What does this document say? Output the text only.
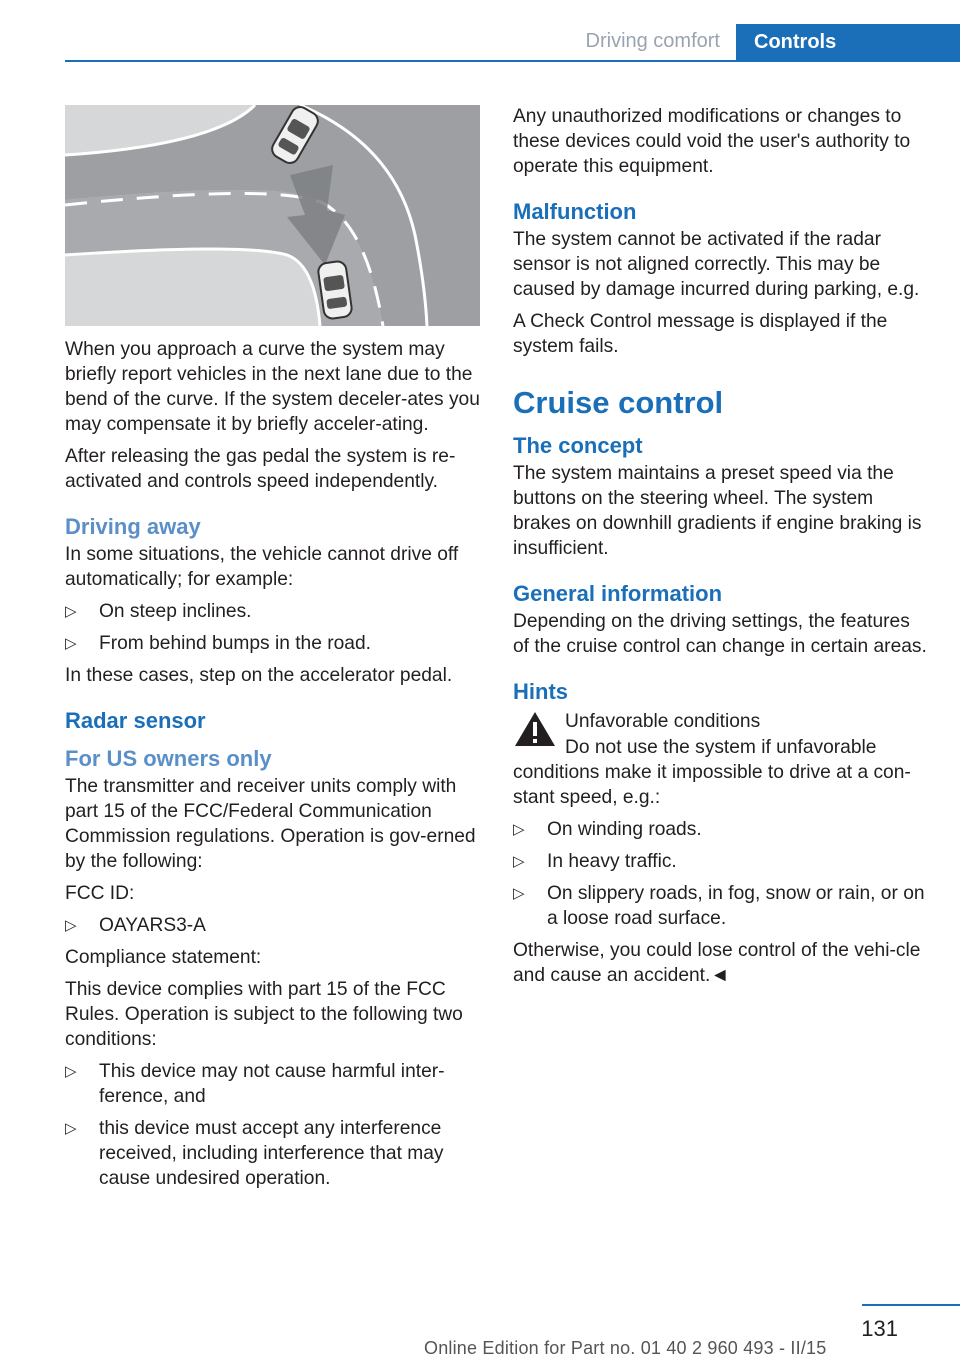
Driving comfort	Controls

When you approach a curve the system may briefly report vehicles in the next lane due to the bend of the curve. If the system deceler-ates you may compensate it by briefly acceler-ating.

After releasing the gas pedal the system is re-activated and controls speed independently.

Driving away

In some situations, the vehicle cannot drive off automatically; for example:

▷ On steep inclines.
▷ From behind bumps in the road.

In these cases, step on the accelerator pedal.

Radar sensor
For US owners only

The transmitter and receiver units comply with part 15 of the FCC/Federal Communication Commission regulations. Operation is gov-erned by the following:

FCC ID:

▷ OAYARS3-A

Compliance statement:

This device complies with part 15 of the FCC Rules. Operation is subject to the following two conditions:

▷ This device may not cause harmful inter-ference, and
▷ this device must accept any interference received, including interference that may cause undesired operation.

Any unauthorized modifications or changes to these devices could void the user's authority to operate this equipment.

Malfunction

The system cannot be activated if the radar sensor is not aligned correctly. This may be caused by damage incurred during parking, e.g.

A Check Control message is displayed if the system fails.

Cruise control
The concept

The system maintains a preset speed via the buttons on the steering wheel. The system brakes on downhill gradients if engine braking is insufficient.

General information

Depending on the driving settings, the features of the cruise control can change in certain areas.

Hints
Unfavorable conditions

Do not use the system if unfavorable conditions make it impossible to drive at a con-stant speed, e.g.:

▷ On winding roads.
▷ In heavy traffic.
▷ On slippery roads, in fog, snow or rain, or on a loose road surface.

Otherwise, you could lose control of the vehi-cle and cause an accident.◄

131
Online Edition for Part no. 01 40 2 960 493 - II/15
